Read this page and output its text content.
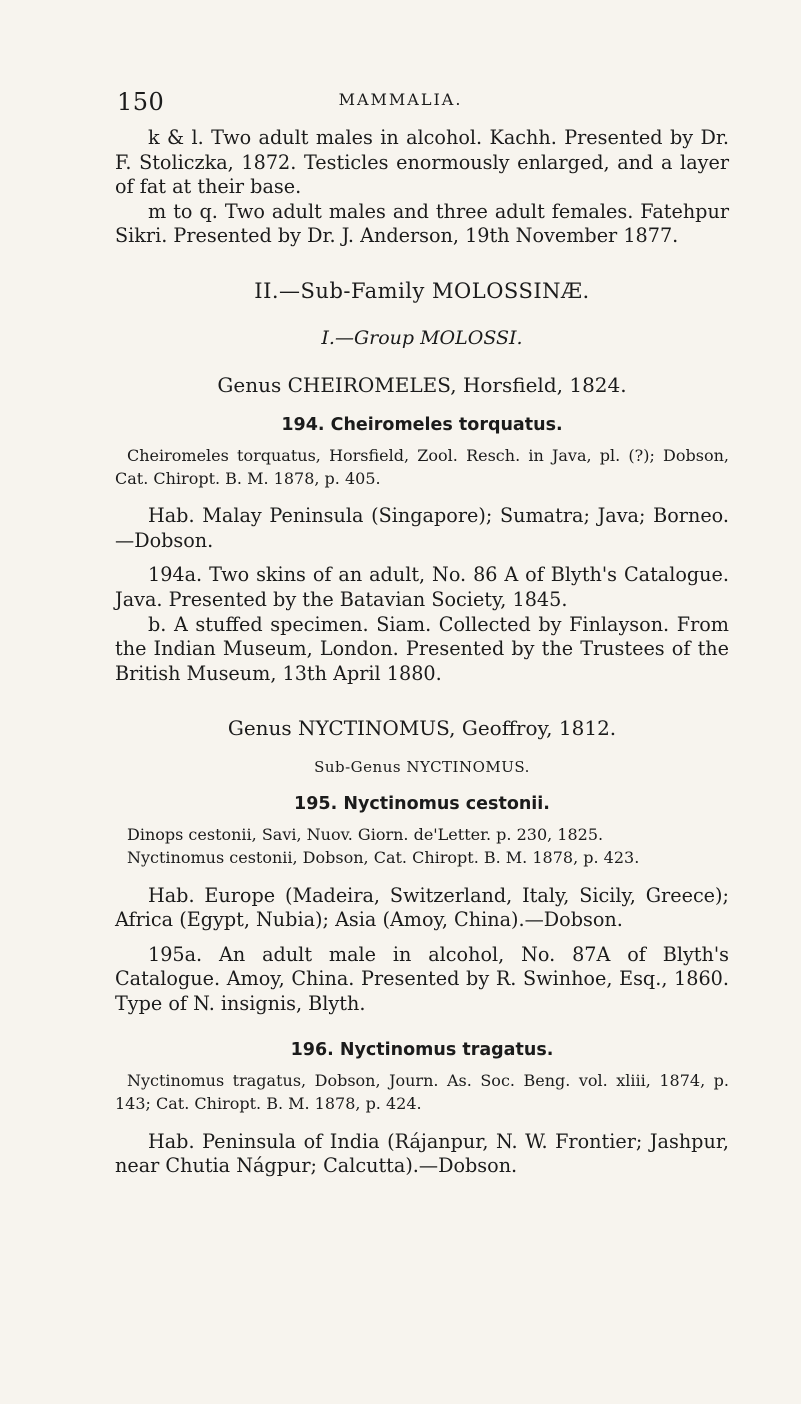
150	MAMMALIA.

k & l. Two adult males in alcohol. Kachh. Presented by Dr. F. Stoliczka, 1872. Testicles enormously enlarged, and a layer of fat at their base.

m to q. Two adult males and three adult females. Fatehpur Sikri. Presented by Dr. J. Anderson, 19th November 1877.

II.—Sub-Family MOLOSSINÆ.

I.—Group MOLOSSI.

Genus CHEIROMELES, Horsfield, 1824.

194. Cheiromeles torquatus.

Cheiromeles torquatus, Horsfield, Zool. Resch. in Java, pl. (?); Dobson, Cat. Chiropt. B. M. 1878, p. 405.

Hab. Malay Peninsula (Singapore); Sumatra; Java; Borneo.—Dobson.

194a. Two skins of an adult, No. 86 A of Blyth's Catalogue. Java. Presented by the Batavian Society, 1845.

b. A stuffed specimen. Siam. Collected by Finlayson. From the Indian Museum, London. Presented by the Trustees of the British Museum, 13th April 1880.

Genus NYCTINOMUS, Geoffroy, 1812.

Sub-Genus NYCTINOMUS.

195. Nyctinomus cestonii.

Dinops cestonii, Savi, Nuov. Giorn. de'Letter. p. 230, 1825.

Nyctinomus cestonii, Dobson, Cat. Chiropt. B. M. 1878, p. 423.

Hab. Europe (Madeira, Switzerland, Italy, Sicily, Greece); Africa (Egypt, Nubia); Asia (Amoy, China).—Dobson.

195a. An adult male in alcohol, No. 87A of Blyth's Catalogue. Amoy, China. Presented by R. Swinhoe, Esq., 1860. Type of N. insignis, Blyth.

196. Nyctinomus tragatus.

Nyctinomus tragatus, Dobson, Journ. As. Soc. Beng. vol. xliii, 1874, p. 143; Cat. Chiropt. B. M. 1878, p. 424.

Hab. Peninsula of India (Rájanpur, N. W. Frontier; Jashpur, near Chutia Nágpur; Calcutta).—Dobson.
